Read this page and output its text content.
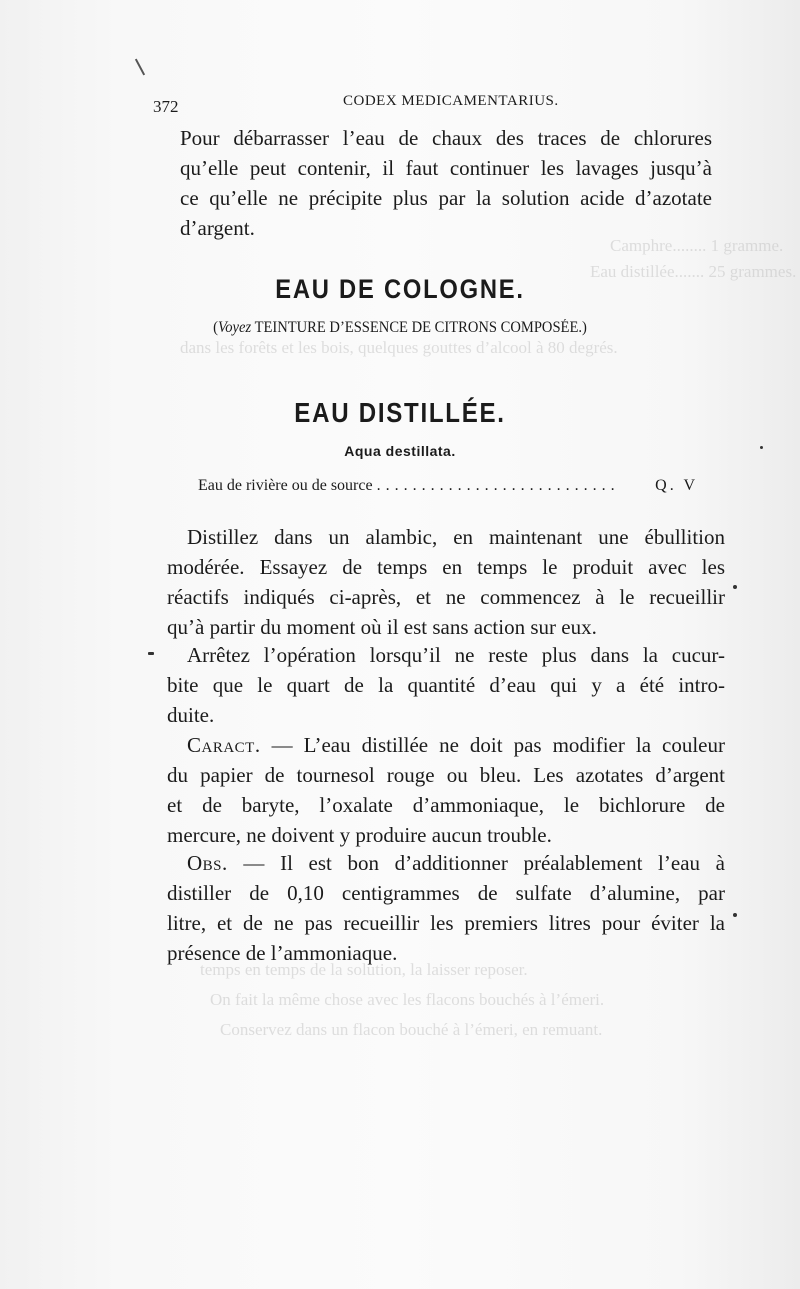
372	CODEX MEDICAMENTARIUS.
Camphre........ 1 gramme.
Eau distillée....... 25 grammes.
dans les forêts et les bois, quelques gouttes d’alcool à 80 degrés.
temps en temps de la solution, la laisser reposer.
On fait la même chose avec les flacons bouchés à l’émeri.
Conservez dans un flacon bouché à l’émeri, en remuant.
Pour débarrasser l’eau de chaux des traces de chlorures
qu’elle peut contenir, il faut continuer les lavages jusqu’à
ce qu’elle ne précipite plus par la solution acide d’azotate
d’argent.
EAU DE COLOGNE.
(Voyez TEINTURE D’ESSENCE DE CITRONS COMPOSÉE.)
EAU DISTILLÉE.
Aqua destillata.
Eau de rivière ou de source ...........................	Q. V
Distillez dans un alambic, en maintenant une ébullition
modérée. Essayez de temps en temps le produit avec les
réactifs indiqués ci-après, et ne commencez à le recueillir
qu’à partir du moment où il est sans action sur eux.
Arrêtez l’opération lorsqu’il ne reste plus dans la cucur-
bite que le quart de la quantité d’eau qui y a été intro-
duite.
Caract. — L’eau distillée ne doit pas modifier la couleur
du papier de tournesol rouge ou bleu. Les azotates d’argent
et de baryte, l’oxalate d’ammoniaque, le bichlorure de
mercure, ne doivent y produire aucun trouble.
Obs. — Il est bon d’additionner préalablement l’eau à
distiller de 0,10 centigrammes de sulfate d’alumine, par
litre, et de ne pas recueillir les premiers litres pour éviter la
présence de l’ammoniaque.
